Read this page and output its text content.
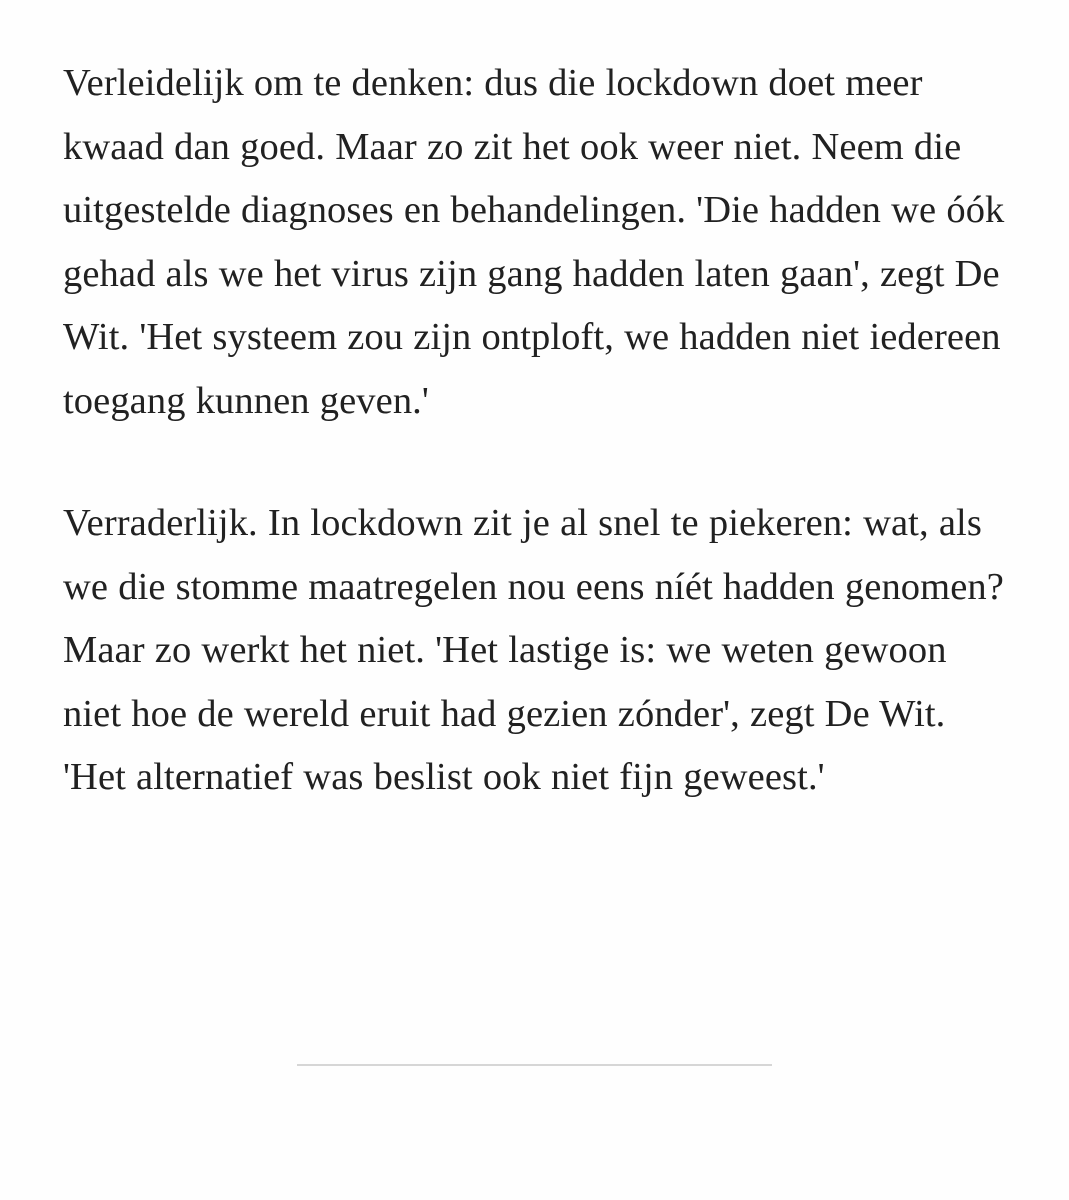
Verleidelijk om te denken: dus die lockdown doet meer kwaad dan goed. Maar zo zit het ook weer niet. Neem die uitgestelde diagnoses en behandelingen. 'Die hadden we óók gehad als we het virus zijn gang hadden laten gaan', zegt De Wit. 'Het systeem zou zijn ontploft, we hadden niet iedereen toegang kunnen geven.'

Verraderlijk. In lockdown zit je al snel te piekeren: wat, als we die stomme maatregelen nou eens níét hadden genomen? Maar zo werkt het niet. 'Het lastige is: we weten gewoon niet hoe de wereld eruit had gezien zónder', zegt De Wit. 'Het alternatief was beslist ook niet fijn geweest.'
